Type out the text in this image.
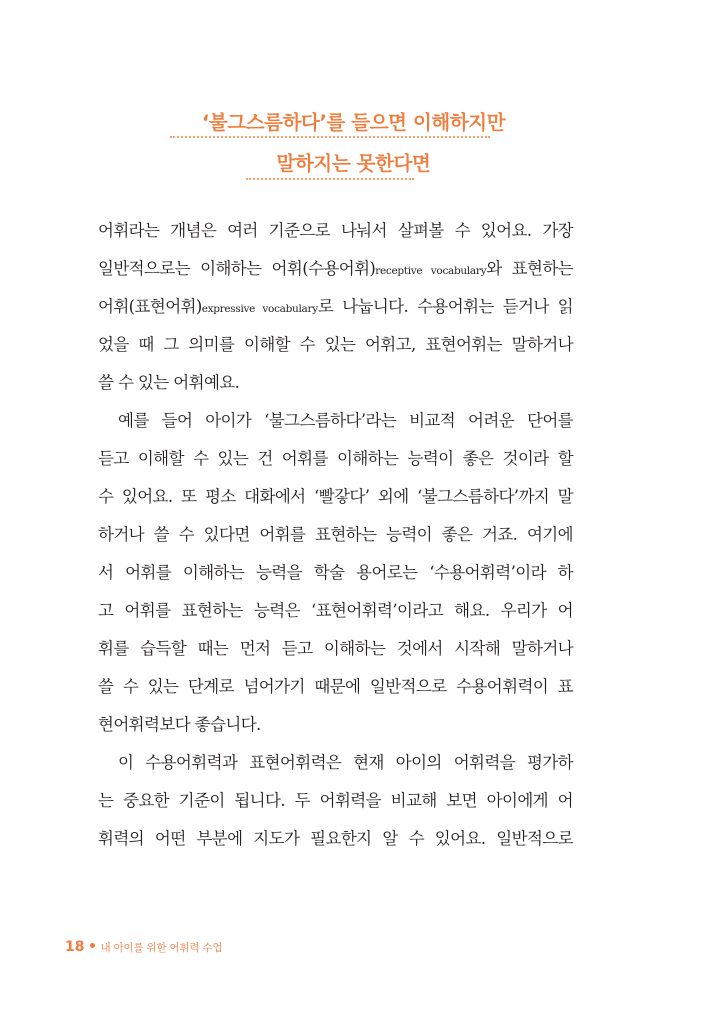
‘불그스름하다’를 들으면 이해하지만
말하지는 못한다면
어휘라는 개념은 여러 기준으로 나눠서 살펴볼 수 있어요. 가장
일반적으로는 이해하는 어휘(수용어휘)receptive vocabulary와 표현하는
어휘(표현어휘)expressive vocabulary로 나눕니다. 수용어휘는 듣거나 읽
었을 때 그 의미를 이해할 수 있는 어휘고, 표현어휘는 말하거나
쓸 수 있는 어휘예요.
예를 들어 아이가 ‘불그스름하다’라는 비교적 어려운 단어를
듣고 이해할 수 있는 건 어휘를 이해하는 능력이 좋은 것이라 할
수 있어요. 또 평소 대화에서 ‘빨갛다’ 외에 ‘불그스름하다’까지 말
하거나 쓸 수 있다면 어휘를 표현하는 능력이 좋은 거죠. 여기에
서 어휘를 이해하는 능력을 학술 용어로는 ‘수용어휘력’이라 하
고 어휘를 표현하는 능력은 ‘표현어휘력’이라고 해요. 우리가 어
휘를 습득할 때는 먼저 듣고 이해하는 것에서 시작해 말하거나
쓸 수 있는 단계로 넘어가기 때문에 일반적으로 수용어휘력이 표
현어휘력보다 좋습니다.
이 수용어휘력과 표현어휘력은 현재 아이의 어휘력을 평가하
는 중요한 기준이 됩니다. 두 어휘력을 비교해 보면 아이에게 어
휘력의 어떤 부분에 지도가 필요한지 알 수 있어요. 일반적으로
18 내 아이를 위한 어휘력 수업
